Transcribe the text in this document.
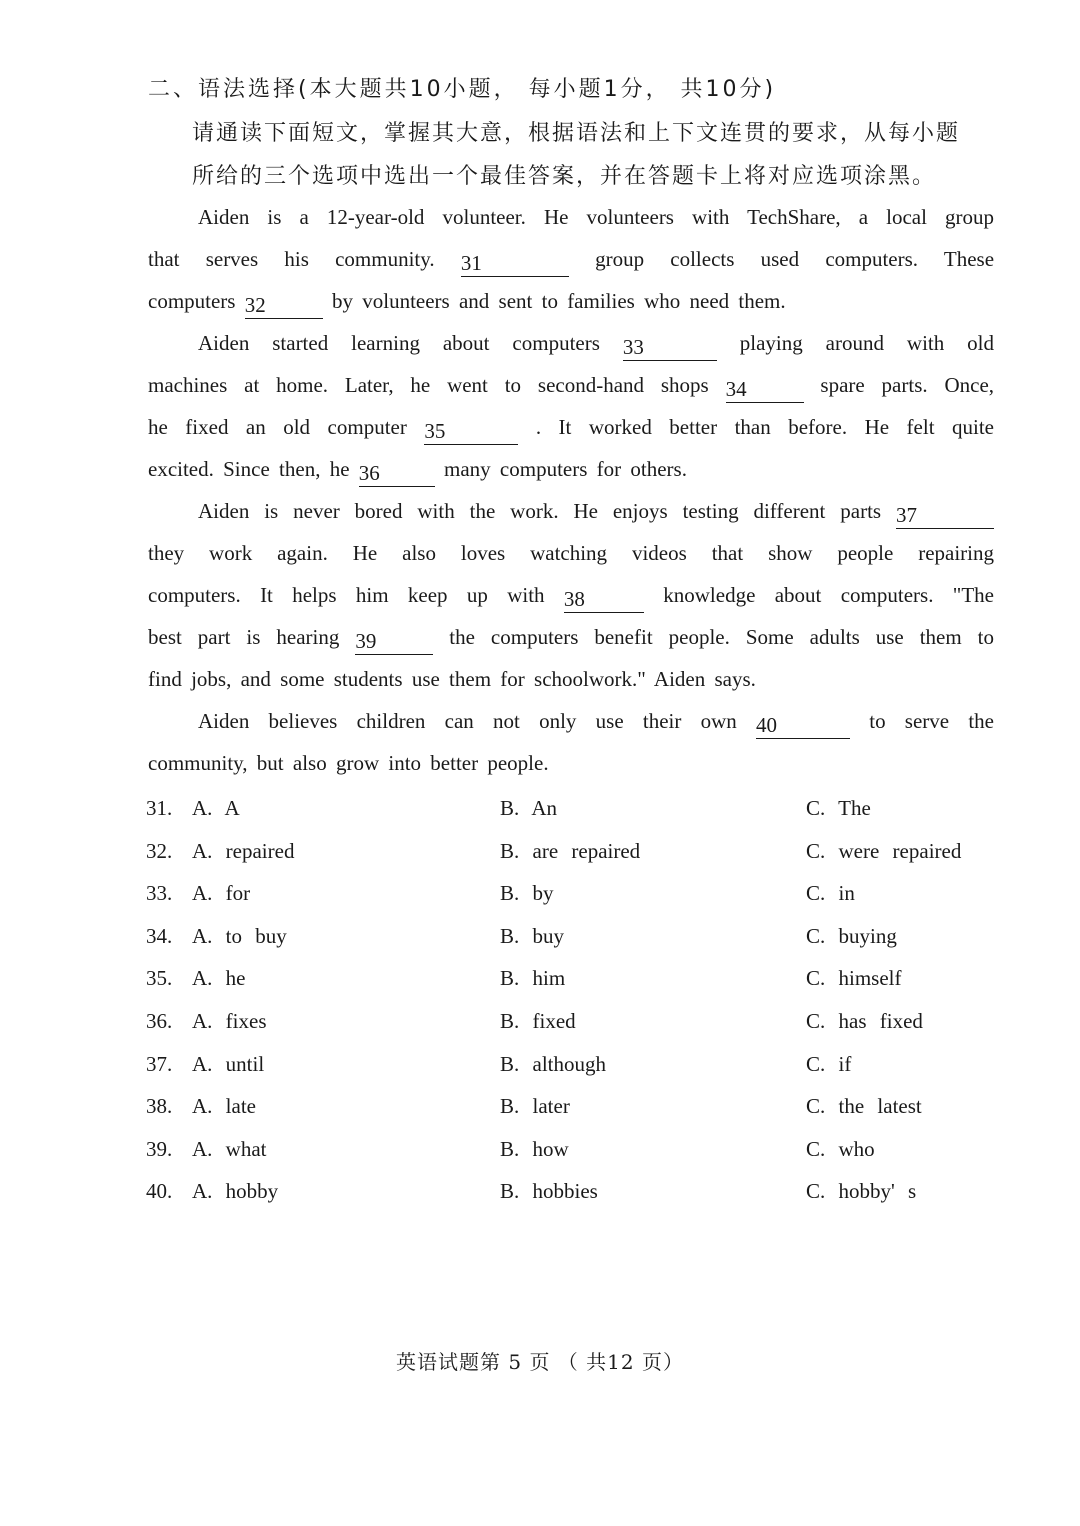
二、语法选择(本大题共10小题， 每小题1分， 共10分)
请通读下面短文，掌握其大意，根据语法和上下文连贯的要求，从每小题
所给的三个选项中选出一个最佳答案，并在答题卡上将对应选项涂黑。
Aiden is a 12-year-old volunteer. He volunteers with TechShare, a local group
that serves his community. 31	group collects used computers. These
computers 32	by volunteers and sent to families who need them.
Aiden started learning about computers 33	playing around with old
machines at home. Later, he went to second-hand shops 34	spare parts. Once,
he fixed an old computer 35	. It worked better than before. He felt quite
excited. Since then, he 36	many computers for others.
Aiden is never bored with the work. He enjoys testing different parts 37
they work again. He also loves watching videos that show people repairing
computers. It helps him keep up with 38	knowledge about computers. "The
best part is hearing 39	the computers benefit people. Some adults use them to
find jobs, and some students use them for schoolwork." Aiden says.
Aiden believes children can not only use their own 40	to serve the
community, but also grow into better people.
31. A. A	B. An	C. The
32. A. repaired	B. are repaired	C. were repaired
33. A. for	B. by	C. in
34. A. to buy	B. buy	C. buying
35. A. he	B. him	C. himself
36. A. fixes	B. fixed	C. has fixed
37. A. until	B. although	C. if
38. A. late	B. later	C. the latest
39. A. what	B. how	C. who
40. A. hobby	B. hobbies	C. hobby' s
英语试题第 5 页 （ 共12 页）
